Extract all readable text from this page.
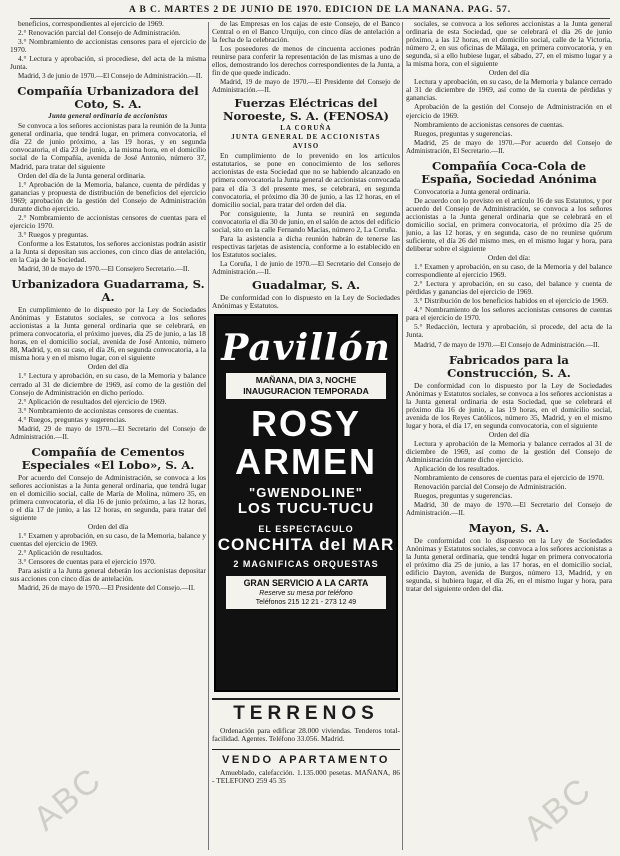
A B C. MARTES 2 DE JUNIO DE 1970. EDICION DE LA MAÑANA. PAG. 57.
ABC	ABC

beneficios, correspondientes al ejercicio de 1969.

2.° Renovación parcial del Consejo de Administración.

3.° Nombramiento de accionistas censores para el ejercicio de 1970.

4.° Lectura y aprobación, si procediese, del acta de la misma Junta.

Madrid, 3 de junio de 1970.—El Consejo de Administración.—II.
Compañía Urbanizadora del Coto, S. A.
Junta general ordinaria de accionistas

Se convoca a los señores accionistas para la reunión de la Junta general ordinaria, que tendrá lugar, en primera convocatoria, el día 22 de junio próximo, a las 19 horas, y en segunda convocatoria, el día 23 de junio, a la misma hora, en el domicilio social de la Compañía, avenida de José Antonio, número 37, Madrid, para tratar del siguiente

Orden del día de la Junta general ordinaria.

1.° Aprobación de la Memoria, balance, cuenta de pérdidas y ganancias y propuesta de distribución de beneficios del ejercicio 1969; aprobación de la gestión del Consejo de Administración durante dicho ejercicio.

2.° Nombramiento de accionistas censores de cuentas para el ejercicio 1970.

3.° Ruegos y preguntas.

Conforme a los Estatutos, los señores accionistas podrán asistir a la Junta si depositan sus acciones, con cinco días de antelación, en la Caja de la Sociedad.

Madrid, 30 de mayo de 1970.—El Consejero Secretario.—II.
Urbanizadora Guadarrama, S. A.

En cumplimiento de lo dispuesto por la Ley de Sociedades Anónimas y Estatutos sociales, se convoca a los señores accionistas a la Junta general ordinaria que se celebrará, en primera convocatoria, el próximo jueves, día 25 de junio, a las 18 horas, en el domicilio social, avenida de José Antonio, número 88, Madrid, y, en su caso, el día 26, en segunda convocatoria, a la misma hora y en el mismo lugar, con el siguiente

Orden del día

1.° Lectura y aprobación, en su caso, de la Memoria y balance cerrado al 31 de diciembre de 1969, así como de la gestión del Consejo de Administración en dicho período.

2.° Aplicación de resultados del ejercicio de 1969.

3.° Nombramiento de accionistas censores de cuentas.

4.° Ruegos, preguntas y sugerencias.

Madrid, 29 de mayo de 1970.—El Secretario del Consejo de Administración.—II.
Compañía de Cementos Especiales «El Lobo», S. A.

Por acuerdo del Consejo de Administración, se convoca a los señores accionistas a la Junta general ordinaria, que tendrá lugar en el domicilio social, calle de María de Molina, número 35, en primera convocatoria, el día 16 de junio próximo, a las 12 horas, o el día 17 de junio, a las 12 horas, en segunda, para tratar del siguiente

Orden del día

1.° Examen y aprobación, en su caso, de la Memoria, balance y cuentas del ejercicio de 1969.

2.° Aplicación de resultados.

3.° Censores de cuentas para el ejercicio 1970.

Para asistir a la Junta general deberán los accionistas depositar sus acciones con cinco días de antelación.

Madrid, 26 de mayo de 1970.—El Presidente del Consejo.—II.

de las Empresas en los cajas de este Consejo, de el Banco Central o en el Banco Urquijo, con cinco días de antelación a la fecha de la celebración.

Los poseedores de menos de cincuenta acciones podrán reunirse para conferir la representación de las mismas a uno de ellos, demostrando los derechos correspondientes de la Junta, a fin de que quede indicado.

Madrid, 19 de mayo de 1970.—El Presidente del Consejo de Administración.—II.
Fuerzas Eléctricas del Noroeste, S. A. (FENOSA)
LA CORUÑA
JUNTA GENERAL DE ACCIONISTAS
AVISO

En cumplimiento de lo prevenido en los artículos estatutarios, se pone en conocimiento de los señores accionistas de esta Sociedad que no se habiendo alcanzado en primera convocatoria la Junta general de accionistas convocada para el día 3 del presente mes, se celebrará, en segunda convocatoria, el próximo día 30 de junio, a las 12 horas, en el domicilio social, para tratar del orden del día.

Por consiguiente, la Junta se reunirá en segunda convocatoria el día 30 de junio, en el salón de actos del edificio social, sito en la calle Fernando Macías, número 2, La Coruña.

Para la asistencia a dicha reunión habrán de tenerse las respectivas tarjetas de asistencia, conforme a lo establecido en los Estatutos sociales.

La Coruña, 1 de junio de 1970.—El Secretario del Consejo de Administración.—II.
Guadalmar, S. A.

De conformidad con lo dispuesto en la Ley de Sociedades Anónimas y Estatutos.

Pavillón
MAÑANA, DIA 3, NOCHE INAUGURACION TEMPORADA
ROSY
ARMEN
"GWENDOLINE"
LOS TUCU-TUCU
EL ESPECTACULO
CONCHITA del MAR
2 MAGNIFICAS ORQUESTAS
GRAN SERVICIO A LA CARTA
Reserve su mesa por teléfono
Teléfonos 215 12 21 - 273 12 49
TERRENOS

Ordenación para edificar 28.000 viviendas. Tenderos total-facilidad. Agentes. Teléfono 33.056. Madrid.

VENDO APARTAMENTO

Amueblado, calefacción. 1.135.000 pesetas. MAÑANA, 86 - TELEFONO 259 45 35

sociales, se convoca a los señores accionistas a la Junta general ordinaria de esta Sociedad, que se celebrará el día 26 de junio próximo, a las 12 horas, en el domicilio social, calle de la Victoria, número 2, en sus oficinas de Málaga, en primera convocatoria, y en segunda, si a ello hubiese lugar, el sábado, 27, en el mismo lugar y a la misma hora, con el siguiente

Orden del día

Lectura y aprobación, en su caso, de la Memoria y balance cerrado al 31 de diciembre de 1969, así como de la cuenta de pérdidas y ganancias.

Aprobación de la gestión del Consejo de Administración en el ejercicio de 1969.

Nombramiento de accionistas censores de cuentas.

Ruegos, preguntas y sugerencias.

Madrid, 25 de mayo de 1970.—Por acuerdo del Consejo de Administración, El Secretario.—II.
Compañía Coca-Cola de España, Sociedad Anónima

Convocatoria a Junta general ordinaria.

De acuerdo con lo previsto en el artículo 16 de sus Estatutos, y por acuerdo del Consejo de Administración, se convoca a los señores accionistas a la Junta general ordinaria que se celebrará en el domicilio social, en primera convocatoria, el próximo día 25 de junio, a las 12 horas, y en segunda, caso de no reunirse quórum suficiente, el día 26 del mismo mes, en el mismo lugar y hora, para deliberar sobre el siguiente

Orden del día:

1.° Examen y aprobación, en su caso, de la Memoria y del balance correspondiente al ejercicio 1969.

2.° Lectura y aprobación, en su caso, del balance y cuenta de pérdidas y ganancias del ejercicio de 1969.

3.° Distribución de los beneficios habidos en el ejercicio de 1969.

4.° Nombramiento de los señores accionistas censores de cuentas para el ejercicio de 1970.

5.° Redacción, lectura y aprobación, si procede, del acta de la Junta.

Madrid, 7 de mayo de 1970.—El Consejo de Administración.—II.
Fabricados para la Construcción, S. A.

De conformidad con lo dispuesto por la Ley de Sociedades Anónimas y Estatutos sociales, se convoca a los señores accionistas a la Junta general ordinaria de esta Sociedad, que se celebrará el próximo día 16 de junio, a las 19 horas, en el domicilio social, avenida de los Reyes Católicos, número 35, Madrid, y en el mismo lugar y hora, el día 17, en segunda convocatoria, con el siguiente

Orden del día

Lectura y aprobación de la Memoria y balance cerrados al 31 de diciembre de 1969, así como de la gestión del Consejo de Administración durante dicho ejercicio.

Aplicación de los resultados.

Nombramiento de censores de cuentas para el ejercicio de 1970.

Renovación parcial del Consejo de Administración.

Ruegos, preguntas y sugerencias.

Madrid, 30 de mayo de 1970.—El Secretario del Consejo de Administración.—II.
Mayon, S. A.

De conformidad con lo dispuesto en la Ley de Sociedades Anónimas y Estatutos sociales, se convoca a los señores accionistas a la Junta general ordinaria, que tendrá lugar en primera convocatoria el próximo día 25 de junio, a las 17 horas, en el domicilio social, edificio Dayton, avenida de Burgos, número 13, Madrid, y en segunda, si hubiera lugar, el día 26, en el mismo lugar y hora, para tratar del siguiente orden del día.
